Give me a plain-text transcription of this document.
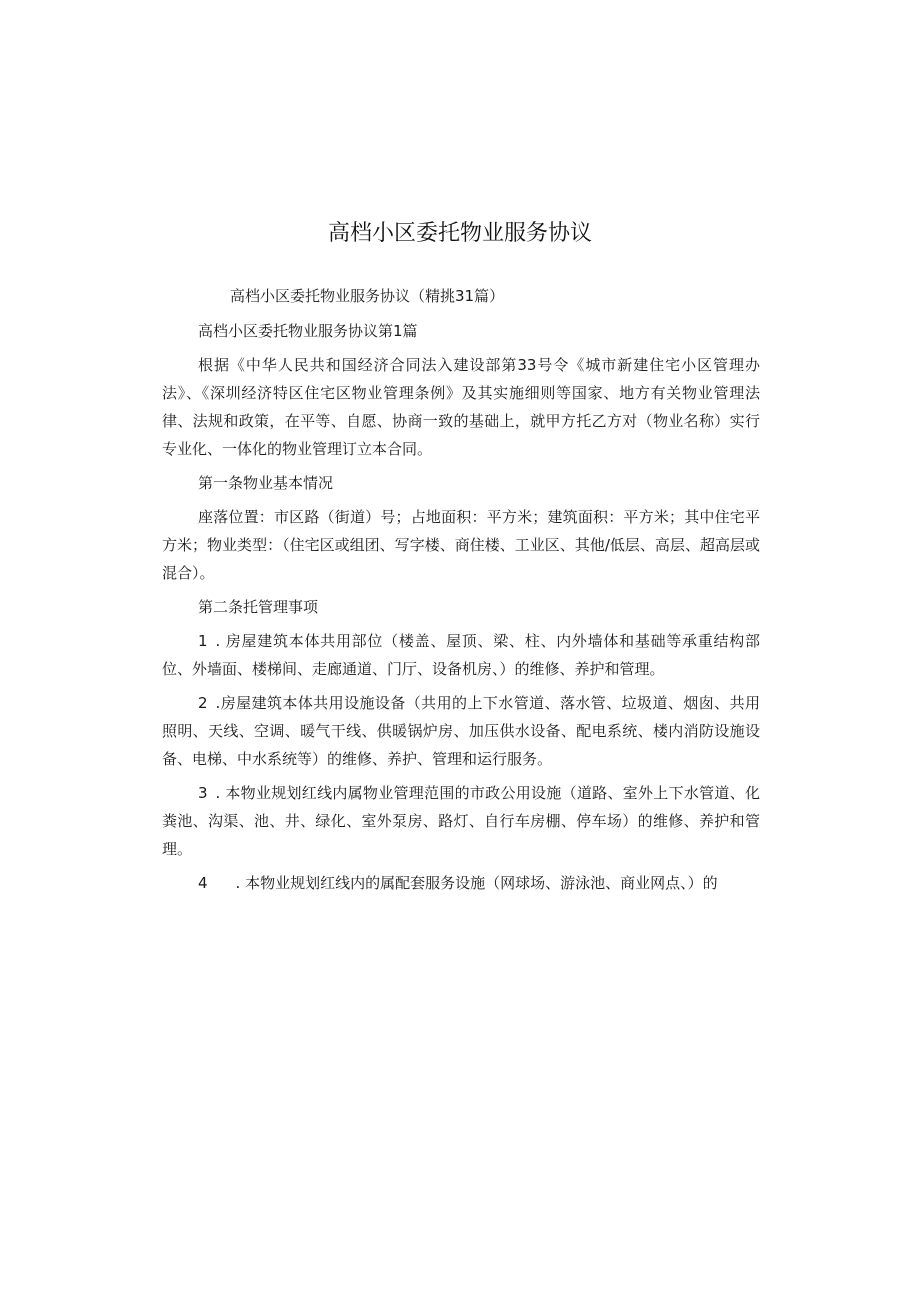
高档小区委托物业服务协议

高档小区委托物业服务协议（精挑31篇）

高档小区委托物业服务协议第1篇

根据《中华人民共和国经济合同法入建设部第33号令《城市新建住宅小区管理办法》、《深圳经济特区住宅区物业管理条例》及其实施细则等国家、地方有关物业管理法律、法规和政策，在平等、自愿、协商一致的基础上，就甲方托乙方对（物业名称）实行专业化、一体化的物业管理订立本合同。

第一条物业基本情况

座落位置：市区路（街道）号；占地面积：平方米；建筑面积：平方米；其中住宅平方米；物业类型：（住宅区或组团、写字楼、商住楼、工业区、其他/低层、高层、超高层或混合）。

第二条托管理事项

1 . 房屋建筑本体共用部位（楼盖、屋顶、梁、柱、内外墙体和基础等承重结构部位、外墙面、楼梯间、走廊通道、门厅、设备机房、）的维修、养护和管理。

2 .房屋建筑本体共用设施设备（共用的上下水管道、落水管、垃圾道、烟囱、共用照明、天线、空调、暖气干线、供暖锅炉房、加压供水设备、配电系统、楼内消防设施设备、电梯、中水系统等）的维修、养护、管理和运行服务。

3 . 本物业规划红线内属物业管理范围的市政公用设施（道路、室外上下水管道、化粪池、沟渠、池、井、绿化、室外泵房、路灯、自行车房棚、停车场）的维修、养护和管理。

4 . 本物业规划红线内的属配套服务设施（网球场、游泳池、商业网点、）的
